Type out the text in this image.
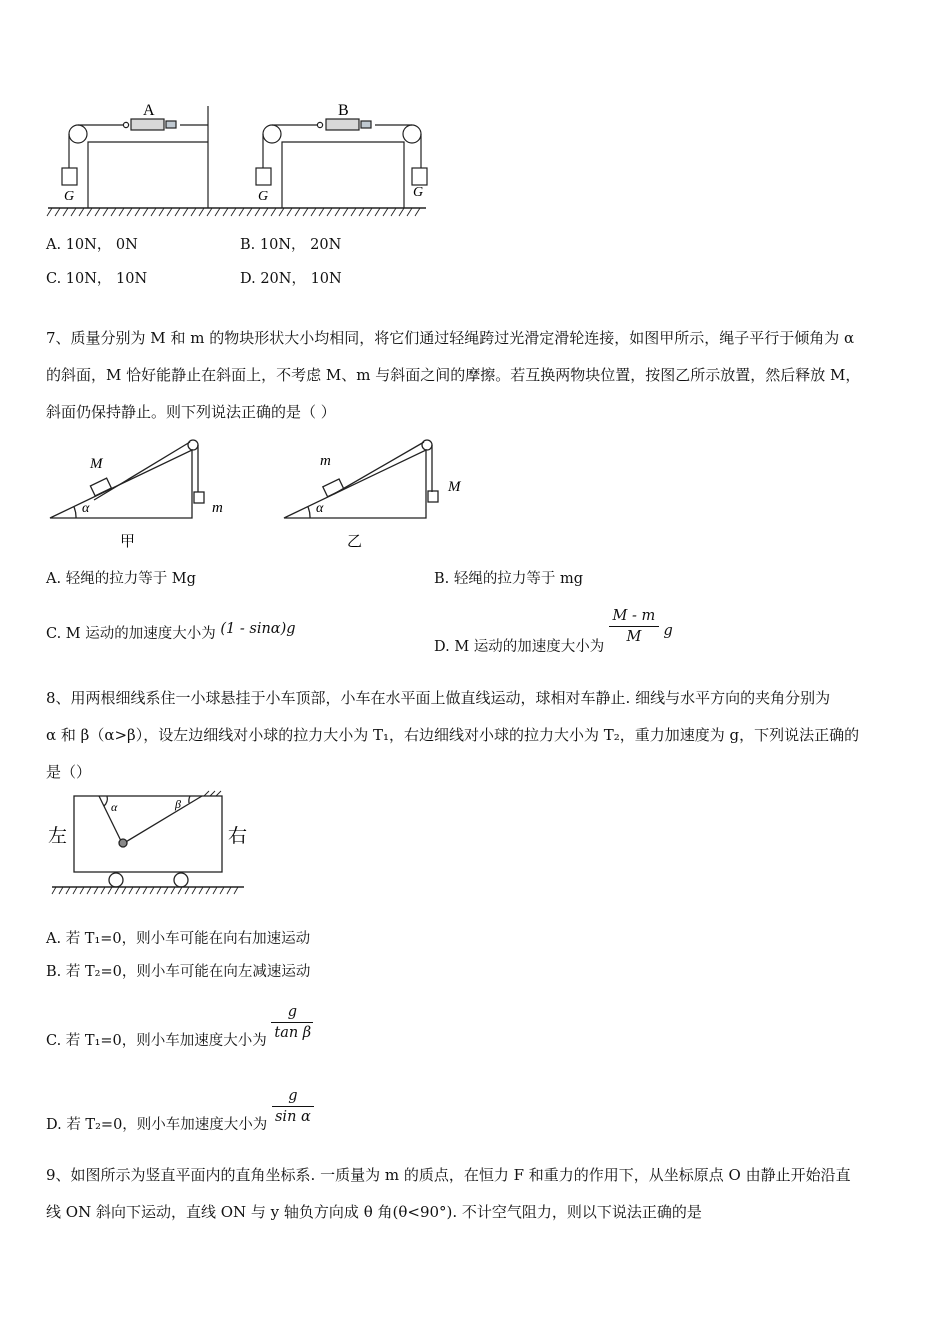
A
G
B
G	G
A. 10N， 0N	B. 10N， 20N
C. 10N， 10N	D. 20N， 10N
7、质量分别为 M 和 m 的物块形状大小均相同，将它们通过轻绳跨过光滑定滑轮连接，如图甲所示，绳子平行于倾角为 α
的斜面，M 恰好能静止在斜面上，不考虑 M、m 与斜面之间的摩擦。若互换两物块位置，按图乙所示放置，然后释放 M，
斜面仍保持静止。则下列说法正确的是（ ）
M
m
α
甲
m
M
α
乙
A. 轻绳的拉力等于 Mg	B. 轻绳的拉力等于 mg
C. M 运动的加速度大小为 (1 - sinα)g
D. M 运动的加速度大小为 $\frac{M - m}{M}$ g
8、用两根细线系住一小球悬挂于小车顶部，小车在水平面上做直线运动，球相对车静止. 细线与水平方向的夹角分别为
α 和 β（α>β），设左边细线对小球的拉力大小为 T₁，右边细线对小球的拉力大小为 T₂，重力加速度为 g，下列说法正确的
是（）
左	右
α	β
A. 若 T₁=0，则小车可能在向右加速运动
B. 若 T₂=0，则小车可能在向左减速运动
C. 若 T₁=0，则小车加速度大小为 $\frac{g}{\text{tan β}}$
D. 若 T₂=0，则小车加速度大小为 $\frac{g}{\text{sin α}}$
9、如图所示为竖直平面内的直角坐标系. 一质量为 m 的质点，在恒力 F 和重力的作用下，从坐标原点 O 由静止开始沿直
线 ON 斜向下运动，直线 ON 与 y 轴负方向成 θ 角(θ<90°). 不计空气阻力，则以下说法正确的是
